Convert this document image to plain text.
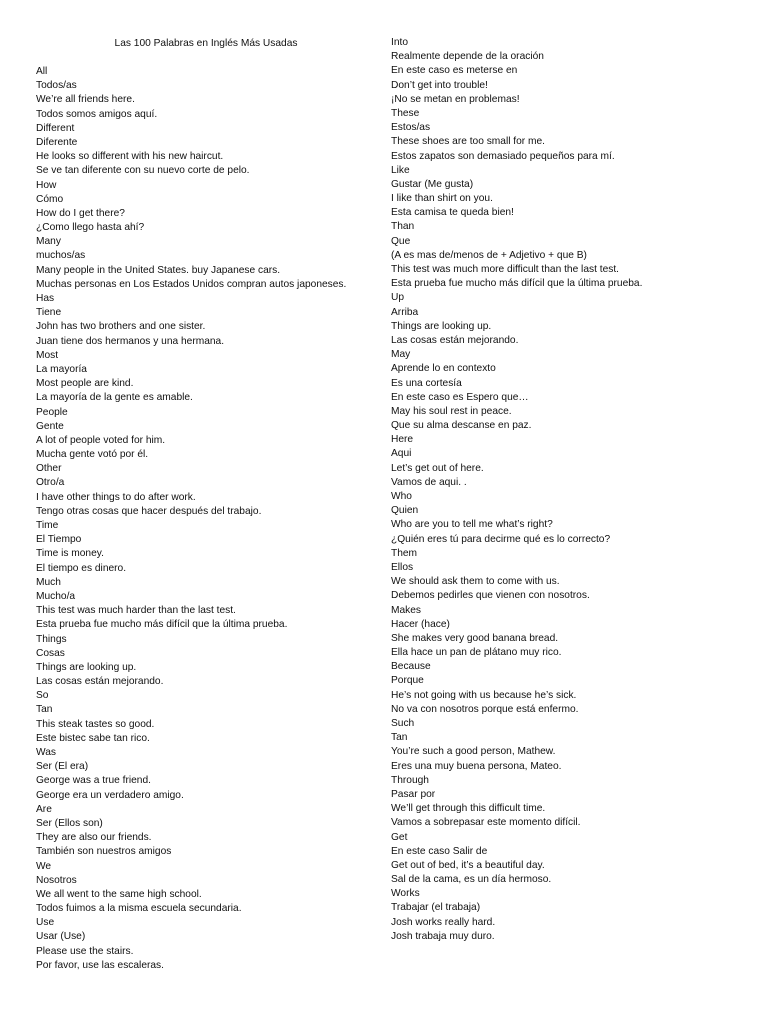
Las 100 Palabras en Inglés Más Usadas
All
Todos/as
We’re all friends here.
Todos somos amigos aquí.
Different
Diferente
He looks so different with his new haircut.
Se ve tan diferente con su nuevo corte de pelo.
How
Cómo
How do I get there?
¿Como llego hasta ahí?
Many
muchos/as
Many people in the United States. buy Japanese cars.
Muchas personas en Los Estados Unidos compran autos japoneses.
Has
Tiene
John has two brothers and one sister.
Juan tiene dos hermanos y una hermana.
Most
La mayoría
Most people are kind.
La mayoría de la gente es amable.
People
Gente
A lot of people voted for him.
Mucha gente votó por él.
Other
Otro/a
I have other things to do after work.
Tengo otras cosas que hacer después del trabajo.
Time
El Tiempo
Time is money.
El tiempo es dinero.
Much
Mucho/a
This test was much harder than the last test.
Esta prueba fue mucho más difícil que la última prueba.
Things
Cosas
Things are looking up.
Las cosas están mejorando.
So
Tan
This steak tastes so good.
Este bistec sabe tan rico.
Was
Ser (El era)
George was a true friend.
George era un verdadero amigo.
Are
Ser (Ellos son)
They are also our friends.
También son nuestros amigos
We
Nosotros
We all went to the same high school.
Todos fuimos a la misma escuela secundaria.
Use
Usar (Use)
Please use the stairs.
Por favor, use las escaleras.
Into
Realmente depende de la oración
En este caso es meterse en
Don’t get into trouble!
¡No se metan en problemas!
These
Estos/as
These shoes are too small for me.
Estos zapatos son demasiado pequeños para mí.
Like
Gustar (Me gusta)
I like than shirt on you.
Esta camisa te queda bien!
Than
Que
(A es mas de/menos de + Adjetivo + que B)
This test was much more difficult than the last test.
Esta prueba fue mucho más difícil que la última prueba.
Up
Arriba
Things are looking up.
Las cosas están mejorando.
May
Aprende lo en contexto
Es una cortesía
En este caso es Espero que…
May his soul rest in peace.
Que su alma descanse en paz.
Here
Aqui
Let’s get out of here.
Vamos de aqui. .
Who
Quien
Who are you to tell me what’s right?
¿Quién eres tú para decirme qué es lo correcto?
Them
Ellos
We should ask them to come with us.
Debemos pedirles que vienen con nosotros.
Makes
Hacer (hace)
She makes very good banana bread.
Ella hace un pan de plátano muy rico.
Because
Porque
He’s not going with us because he’s sick.
No va con nosotros porque está enfermo.
Such
Tan
You’re such a good person, Mathew.
Eres una muy buena persona, Mateo.
Through
Pasar por
We’ll get through this difficult time.
Vamos a sobrepasar este momento difícil.
Get
En este caso Salir de
Get out of bed, it’s a beautiful day.
Sal de la cama, es un día hermoso.
Works
Trabajar (el trabaja)
Josh works really hard.
Josh trabaja muy duro.
